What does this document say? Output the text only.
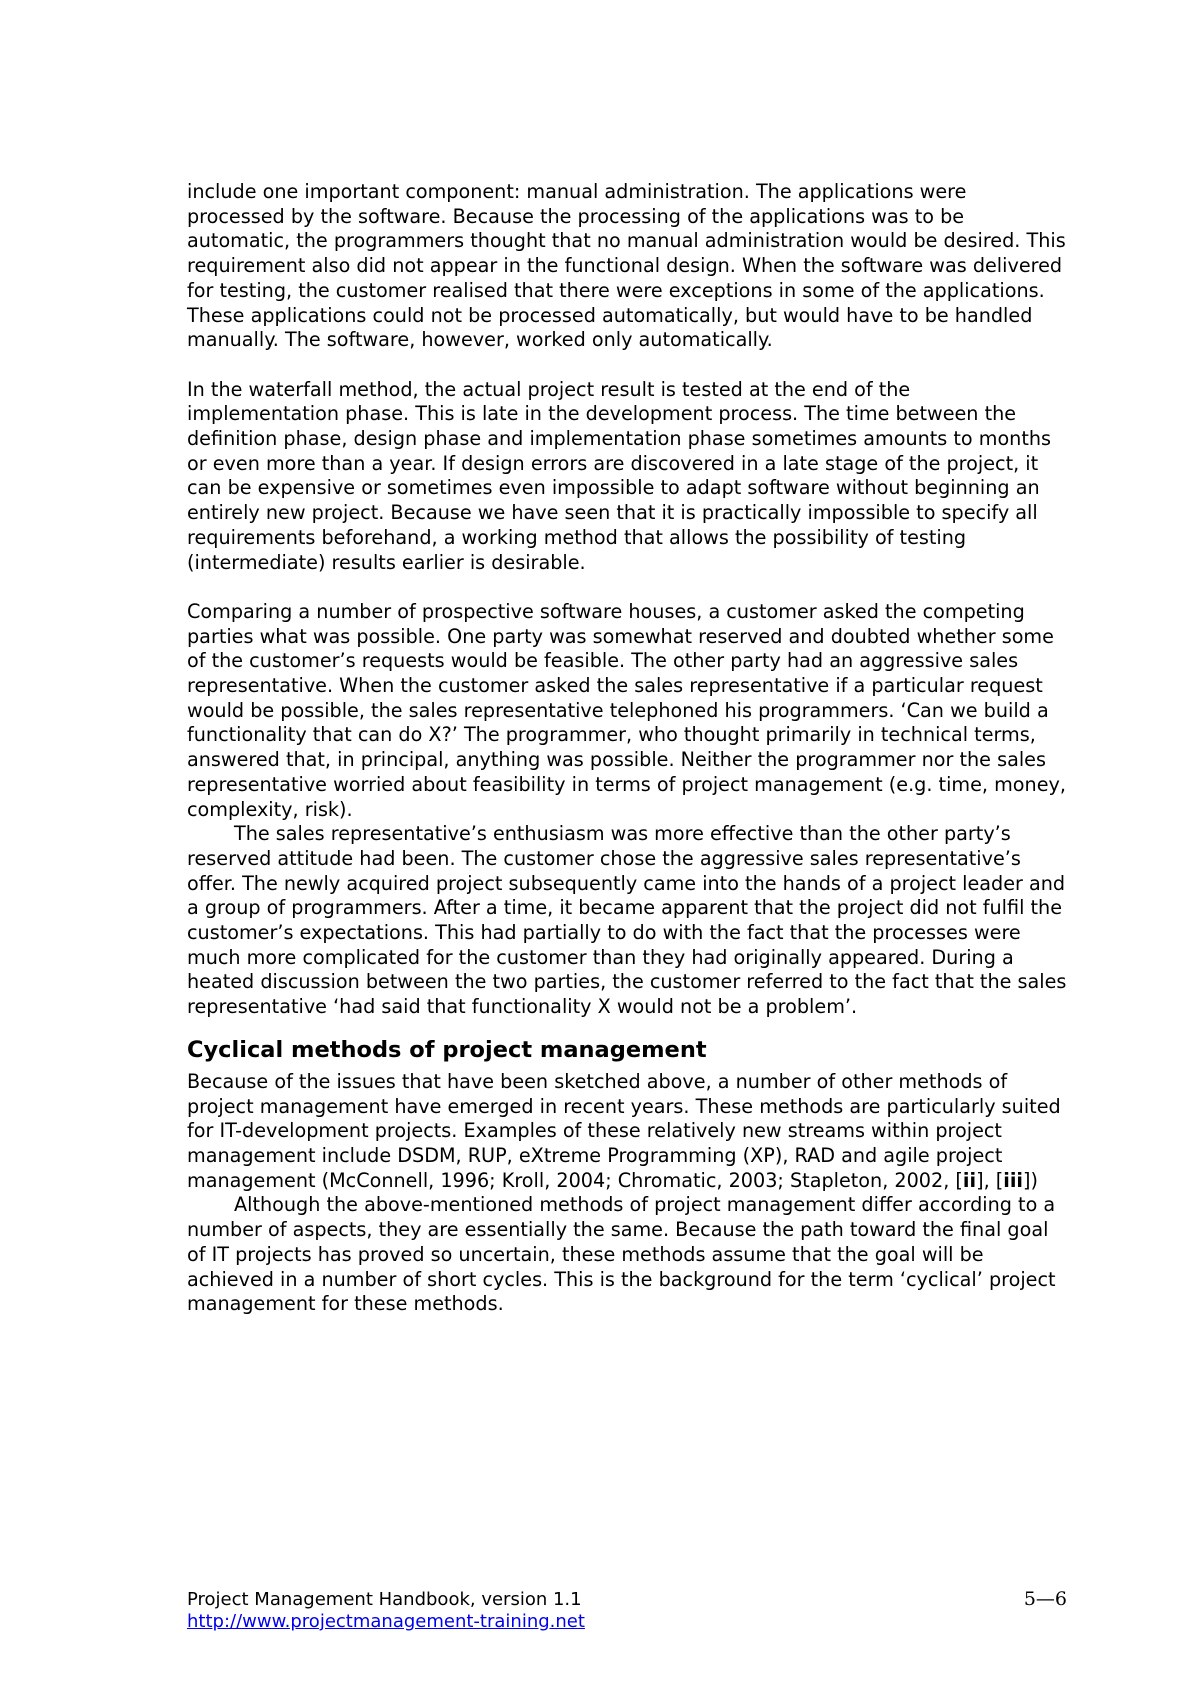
include one important component: manual administration. The applications were processed by the software. Because the processing of the applications was to be automatic, the programmers thought that no manual administration would be desired. This requirement also did not appear in the functional design. When the software was delivered for testing, the customer realised that there were exceptions in some of the applications. These applications could not be processed automatically, but would have to be handled manually. The software, however, worked only automatically.

In the waterfall method, the actual project result is tested at the end of the implementation phase. This is late in the development process. The time between the definition phase, design phase and implementation phase sometimes amounts to months or even more than a year. If design errors are discovered in a late stage of the project, it can be expensive or sometimes even impossible to adapt software without beginning an entirely new project. Because we have seen that it is practically impossible to specify all requirements beforehand, a working method that allows the possibility of testing (intermediate) results earlier is desirable.

Comparing a number of prospective software houses, a customer asked the competing parties what was possible. One party was somewhat reserved and doubted whether some of the customer’s requests would be feasible. The other party had an aggressive sales representative. When the customer asked the sales representative if a particular request would be possible, the sales representative telephoned his programmers. ‘Can we build a functionality that can do X?’ The programmer, who thought primarily in technical terms, answered that, in principal, anything was possible. Neither the programmer nor the sales representative worried about feasibility in terms of project management (e.g. time, money, complexity, risk).

The sales representative’s enthusiasm was more effective than the other party’s reserved attitude had been. The customer chose the aggressive sales representative’s offer. The newly acquired project subsequently came into the hands of a project leader and a group of programmers. After a time, it became apparent that the project did not fulfil the customer’s expectations. This had partially to do with the fact that the processes were much more complicated for the customer than they had originally appeared. During a heated discussion between the two parties, the customer referred to the fact that the sales representative ‘had said that functionality X would not be a problem’.

Cyclical methods of project management

Because of the issues that have been sketched above, a number of other methods of project management have emerged in recent years. These methods are particularly suited for IT-development projects. Examples of these relatively new streams within project management include DSDM, RUP, eXtreme Programming (XP), RAD and agile project management (McConnell, 1996; Kroll, 2004; Chromatic, 2003; Stapleton, 2002, [ii], [iii])

Although the above-mentioned methods of project management differ according to a number of aspects, they are essentially the same. Because the path toward the final goal of IT projects has proved so uncertain, these methods assume that the goal will be achieved in a number of short cycles. This is the background for the term ‘cyclical’ project management for these methods.

Project Management Handbook, version 1.1	5—6
http://www.projectmanagement-training.net
